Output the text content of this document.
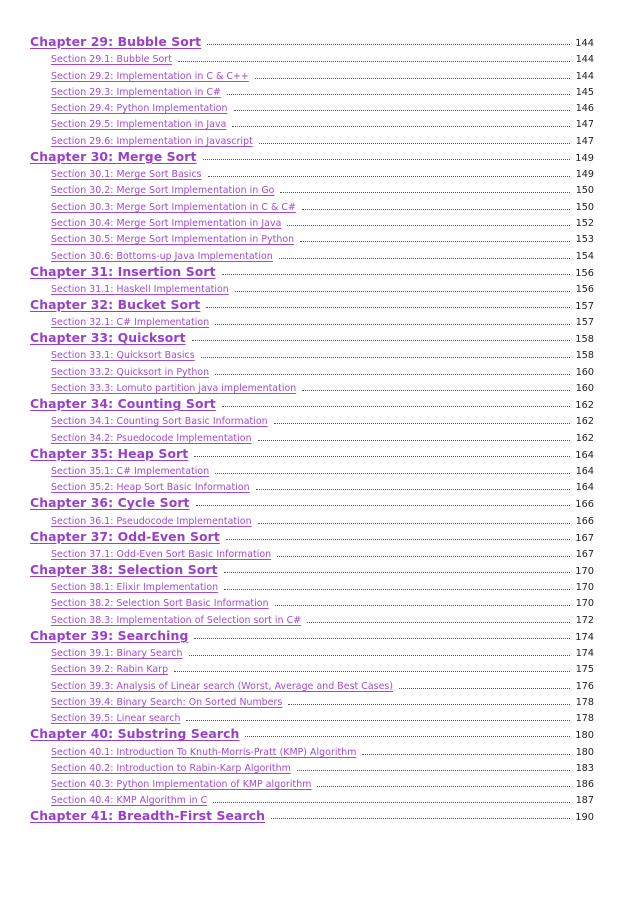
Chapter 29: Bubble Sort	144
Section 29.1: Bubble Sort	144
Section 29.2: Implementation in C & C++	144
Section 29.3: Implementation in C#	145
Section 29.4: Python Implementation	146
Section 29.5: Implementation in Java	147
Section 29.6: Implementation in Javascript	147
Chapter 30: Merge Sort	149
Section 30.1: Merge Sort Basics	149
Section 30.2: Merge Sort Implementation in Go	150
Section 30.3: Merge Sort Implementation in C & C#	150
Section 30.4: Merge Sort Implementation in Java	152
Section 30.5: Merge Sort Implementation in Python	153
Section 30.6: Bottoms-up Java Implementation	154
Chapter 31: Insertion Sort	156
Section 31.1: Haskell Implementation	156
Chapter 32: Bucket Sort	157
Section 32.1: C# Implementation	157
Chapter 33: Quicksort	158
Section 33.1: Quicksort Basics	158
Section 33.2: Quicksort in Python	160
Section 33.3: Lomuto partition java implementation	160
Chapter 34: Counting Sort	162
Section 34.1: Counting Sort Basic Information	162
Section 34.2: Psuedocode Implementation	162
Chapter 35: Heap Sort	164
Section 35.1: C# Implementation	164
Section 35.2: Heap Sort Basic Information	164
Chapter 36: Cycle Sort	166
Section 36.1: Pseudocode Implementation	166
Chapter 37: Odd-Even Sort	167
Section 37.1: Odd-Even Sort Basic Information	167
Chapter 38: Selection Sort	170
Section 38.1: Elixir Implementation	170
Section 38.2: Selection Sort Basic Information	170
Section 38.3: Implementation of Selection sort in C#	172
Chapter 39: Searching	174
Section 39.1: Binary Search	174
Section 39.2: Rabin Karp	175
Section 39.3: Analysis of Linear search (Worst, Average and Best Cases)	176
Section 39.4: Binary Search: On Sorted Numbers	178
Section 39.5: Linear search	178
Chapter 40: Substring Search	180
Section 40.1: Introduction To Knuth-Morris-Pratt (KMP) Algorithm	180
Section 40.2: Introduction to Rabin-Karp Algorithm	183
Section 40.3: Python Implementation of KMP algorithm	186
Section 40.4: KMP Algorithm in C	187
Chapter 41: Breadth-First Search	190
